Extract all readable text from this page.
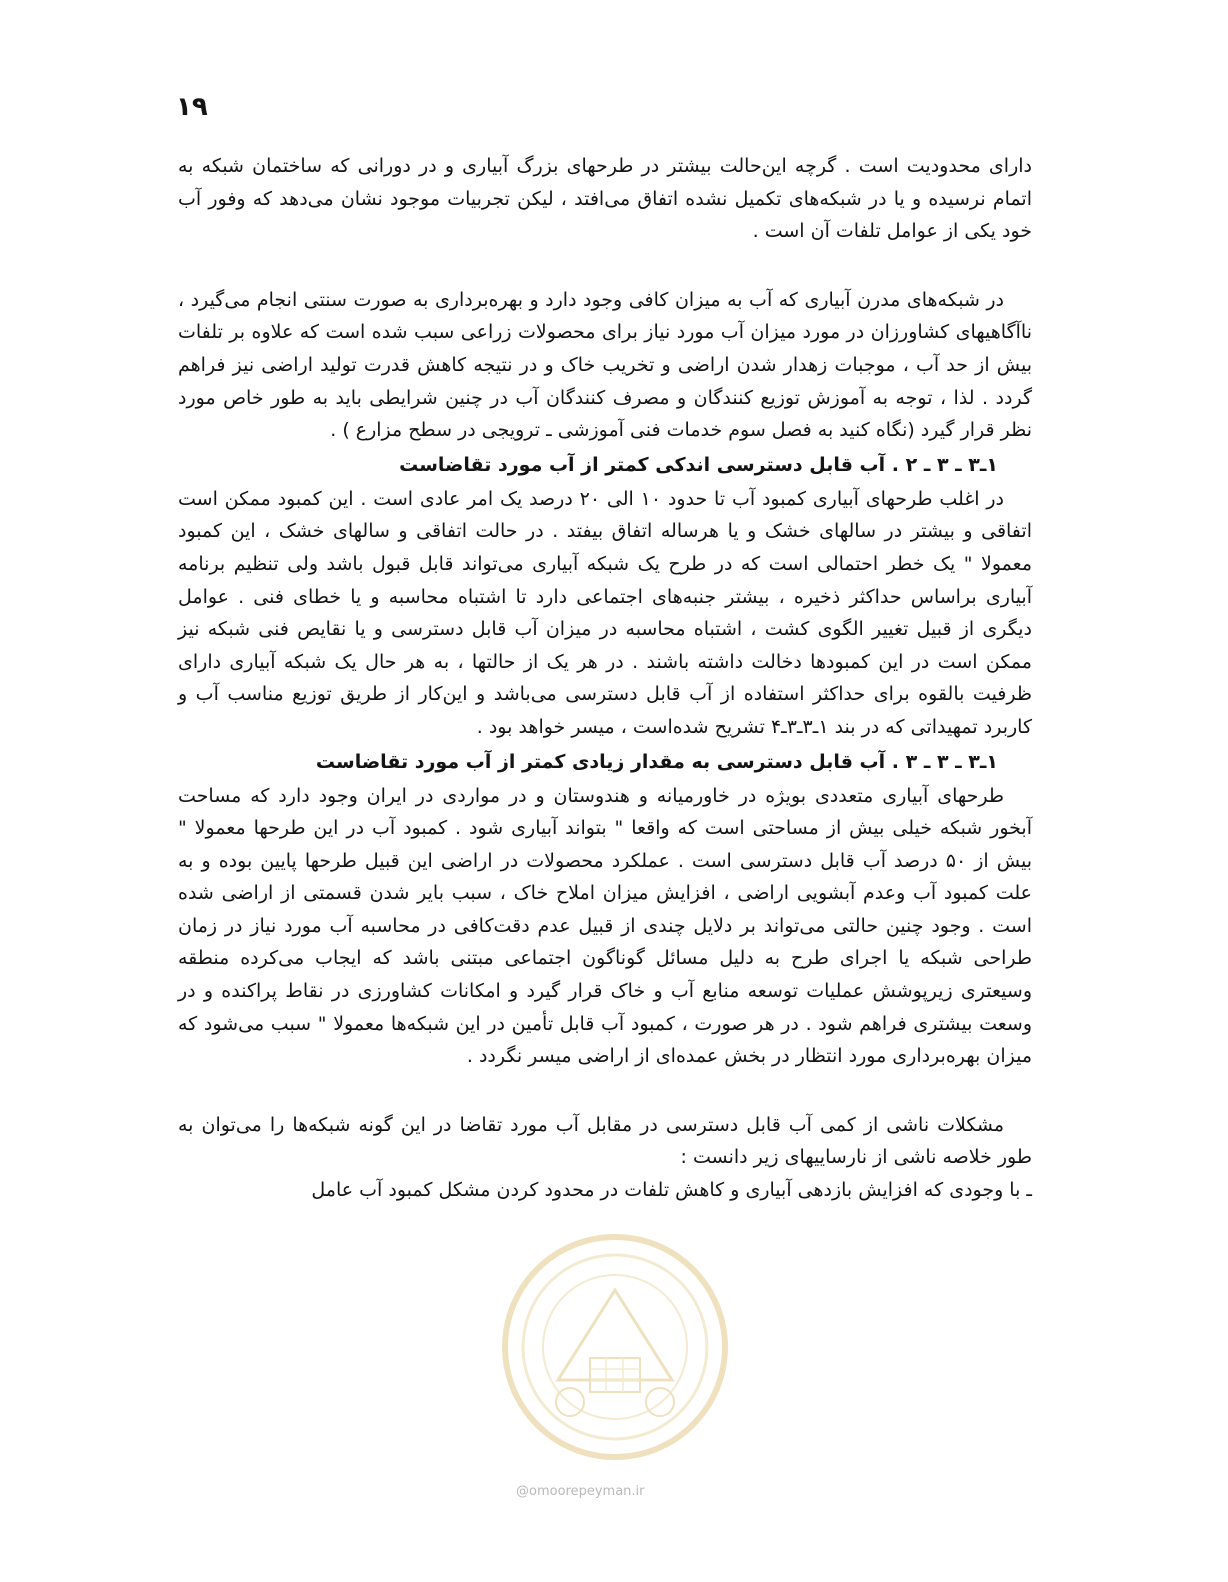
۱۹

دارای محدودیت است . گرچه این‌حالت بیشتر در طرحهای بزرگ آبیاری و در دورانی که ساختمان شبکه به اتمام نرسیده و یا در شبکه‌های تکمیل نشده اتفاق می‌افتد ، لیکن تجربیات موجود نشان می‌دهد که وفور آب خود یکی از عوامل تلفات آن است .

در شبکه‌های مدرن آبیاری که آب به میزان کافی وجود دارد و بهره‌برداری به صورت سنتی انجام می‌گیرد ، ناآگاهیهای کشاورزان در مورد میزان آب مورد نیاز برای محصولات زراعی سبب شده است که علاوه بر تلفات بیش از حد آب ، موجبات زهدار شدن اراضی و تخریب خاک و در نتیجه کاهش قدرت تولید اراضی نیز فراهم گردد . لذا ، توجه به آموزش توزیع کنندگان و مصرف کنندگان آب در چنین شرایطی باید به طور خاص مورد نظر قرار گیرد (نگاه کنید به فصل سوم خدمات فنی آموزشی ـ ترویجی در سطح مزارع ) .

۱ـ۳ ـ ۳ ـ ۲ . آب قابل دسترسی اندکی کمتر از آب مورد تقاضاست

در اغلب طرحهای آبیاری کمبود آب تا حدود ۱۰ الی ۲۰ درصد یک امر عادی است . این کمبود ممکن است اتفاقی و بیشتر در سالهای خشک و یا هرساله اتفاق بیفتد . در حالت اتفاقی و سالهای خشک ، این کمبود معمولا " یک خطر احتمالی است که در طرح یک شبکه آبیاری می‌تواند قابل قبول باشد ولی تنظیم برنامه آبیاری براساس حداکثر ذخیره ، بیشتر جنبه‌های اجتماعی دارد تا اشتباه محاسبه و یا خطای فنی . عوامل دیگری از قبیل تغییر الگوی کشت ، اشتباه محاسبه در میزان آب قابل دسترسی و یا نقایص فنی شبکه نیز ممکن است در این کمبودها دخالت داشته باشند . در هر یک از حالتها ، به هر حال یک شبکه آبیاری دارای ظرفیت بالقوه برای حداکثر استفاده از آب قابل دسترسی می‌باشد و این‌کار از طریق توزیع مناسب آب و کاربرد تمهیداتی که در بند ۱ـ۳ـ۳ـ۴ تشریح شده‌است ، میسر خواهد بود .

۱ـ۳ ـ ۳ ـ ۳ . آب قابل دسترسی به مقدار زیادی کمتر از آب مورد تقاضاست

طرحهای آبیاری متعددی بویژه در خاورمیانه و هندوستان و در مواردی در ایران وجود دارد که مساحت آبخور شبکه خیلی بیش از مساحتی است که واقعا " بتواند آبیاری شود . کمبود آب در این طرحها معمولا " بیش از ۵۰ درصد آب قابل دسترسی است . عملکرد محصولات در اراضی این قبیل طرحها پایین بوده و به علت کمبود آب وعدم آبشویی اراضی ، افزایش میزان املاح خاک ، سبب بایر شدن قسمتی از اراضی شده است . وجود چنین حالتی می‌تواند بر دلایل چندی از قبیل عدم دقت‌کافی در محاسبه آب مورد نیاز در زمان طراحی شبکه یا اجرای طرح به دلیل مسائل گوناگون اجتماعی مبتنی باشد که ایجاب می‌کرده منطقه وسیعتری زیرپوشش عملیات توسعه منابع آب و خاک قرار گیرد و امکانات کشاورزی در نقاط پراکنده و در وسعت بیشتری فراهم شود . در هر صورت ، کمبود آب قابل تأمین در این شبکه‌ها معمولا " سبب می‌شود که میزان بهره‌برداری مورد انتظار در بخش عمده‌ای از اراضی میسر نگردد .

مشکلات ناشی از کمی آب قابل دسترسی در مقابل آب مورد تقاضا در این گونه شبکه‌ها را می‌توان به طور خلاصه ناشی از نارساییهای زیر دانست :

ـ با وجودی که افزایش بازدهی آبیاری و کاهش تلفات در محدود کردن مشکل کمبود آب عامل

@omoorepeyman.ir
